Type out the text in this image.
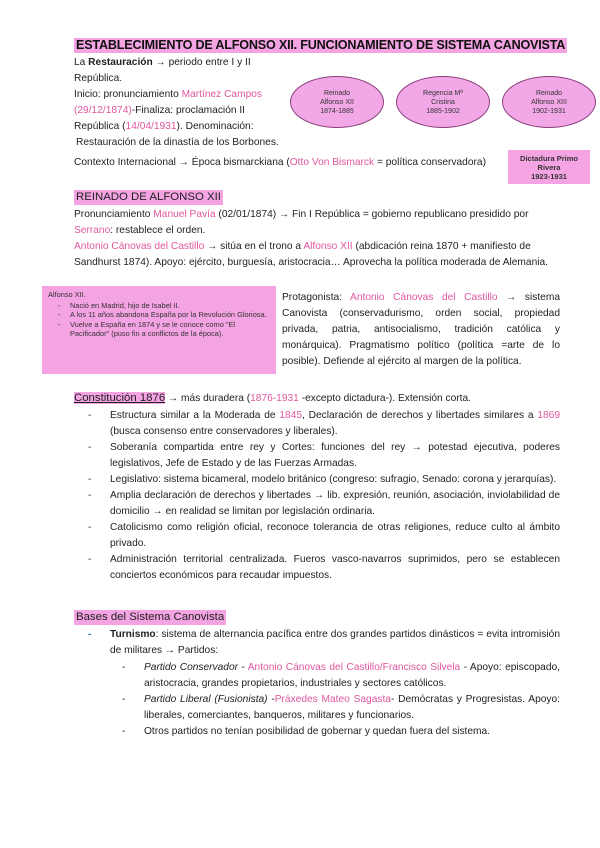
ESTABLECIMIENTO DE ALFONSO XII. FUNCIONAMIENTO DE SISTEMA CANOVISTA
La Restauración → periodo entre I y II República.
Inicio: pronunciamiento Martínez Campos
(29/12/1874)-Finaliza: proclamación II
República (14/04/1931). Denominación:
Restauración de la dinastía de los Borbones.
Reinado
Alfonso XII
1874-1885
Regencia Mª
Cristina
1885-1902
Reinado
Alfonso XIII
1902-1931
Contexto Internacional → Época bismarckiana (Otto Von Bismarck = política conservadora)	Dictadura Primo
Rivera
1923-1931
REINADO DE ALFONSO XII
Pronunciamiento Manuel Pavía (02/01/1874) → Fin I República = gobierno republicano presidido por
Serrano: restablece el orden.
Antonio Cánovas del Castillo → sitúa en el trono a Alfonso XII (abdicación reina 1870 + manifiesto de
Sandhurst 1874). Apoyo: ejército, burguesía, aristocracia… Aprovecha la política moderada de Alemania.
Alfonso XII.
- Nació en Madrid, hijo de Isabel II.
- A los 11 años abandona España por la Revolución Gloriosa.
- Vuelve a España en 1874 y se le conoce como "El Pacificador" (puso fin a conflictos de la época).
Protagonista: Antonio Cánovas del Castillo → sistema Canovista (conservadurismo, orden social, propiedad privada, patria, antisocialismo, tradición católica y monárquica). Pragmatismo político (política =arte de lo posible). Defiende al ejército al margen de la política.
Constitución 1876 → más duradera (1876-1931 -excepto dictadura-). Extensión corta.
- Estructura similar a la Moderada de 1845, Declaración de derechos y libertades similares a 1869 (busca consenso entre conservadores y liberales).
- Soberanía compartida entre rey y Cortes: funciones del rey → potestad ejecutiva, poderes legislativos, Jefe de Estado y de las Fuerzas Armadas.
- Legislativo: sistema bicameral, modelo británico (congreso: sufragio, Senado: corona y jerarquías).
- Amplia declaración de derechos y libertades → lib. expresión, reunión, asociación, inviolabilidad de domicilio → en realidad se limitan por legislación ordinaria.
- Catolicismo como religión oficial, reconoce tolerancia de otras religiones, reduce culto al ámbito privado.
- Administración territorial centralizada. Fueros vasco-navarros suprimidos, pero se establecen conciertos económicos para recaudar impuestos.
Bases del Sistema Canovista
- Turnismo: sistema de alternancia pacífica entre dos grandes partidos dinásticos = evita intromisión de militares → Partidos:
- Partido Conservador - Antonio Cánovas del Castillo/Francisco Silvela - Apoyo: episcopado, aristocracia, grandes propietarios, industriales y sectores católicos.
- Partido Liberal (Fusionista) -Práxedes Mateo Sagasta- Demócratas y Progresistas. Apoyo: liberales, comerciantes, banqueros, militares y funcionarios.
- Otros partidos no tenían posibilidad de gobernar y quedan fuera del sistema.
